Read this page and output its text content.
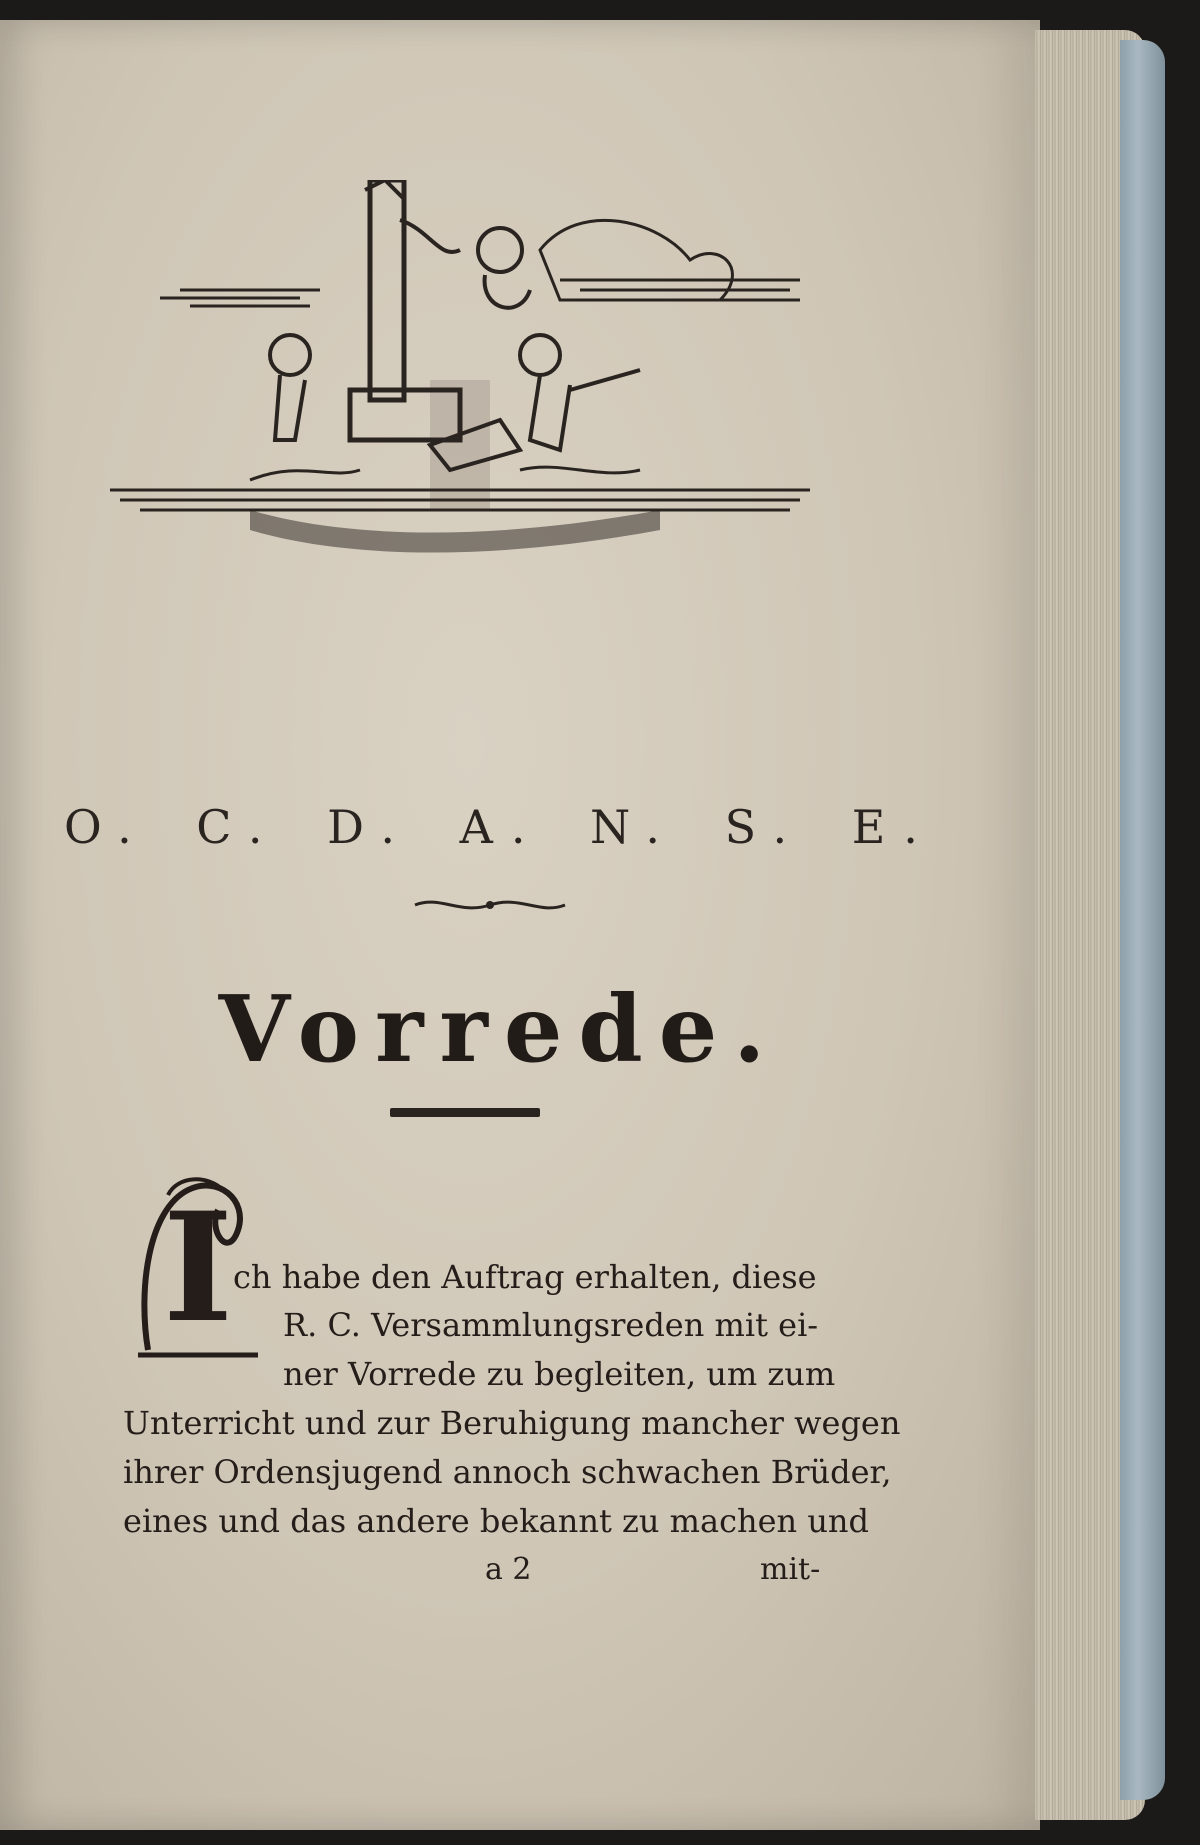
O. C. D. A. N. S. E.
Vorrede.
I ch habe den Auftrag erhalten, diese
R. C. Versammlungsreden mit ei-
ner Vorrede zu begleiten, um zum
Unterricht und zur Beruhigung mancher wegen
ihrer Ordensjugend annoch schwachen Brüder,
eines und das andere bekannt zu machen und
a 2	mit-
